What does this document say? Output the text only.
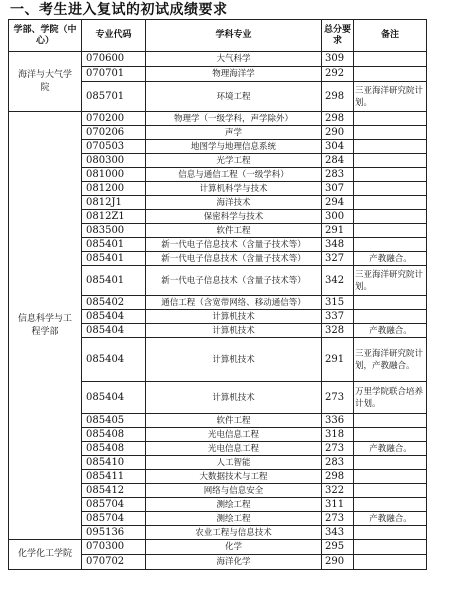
一、考生进入复试的初试成绩要求
学部、学院（中心）	专业代码	学科专业	总分要求	备注
海洋与大气学院	070600	大气科学	309	
	070701	物理海洋学	292	
	085701	环境工程	298	三亚海洋研究院计划。
信息科学与工程学部	070200	物理学（一级学科，声学除外）	298	
	070206	声学	290	
	070503	地图学与地理信息系统	304	
	080300	光学工程	284	
	081000	信息与通信工程（一级学科）	283	
	081200	计算机科学与技术	307	
	0812J1	海洋技术	294	
	0812Z1	保密科学与技术	300	
	083500	软件工程	291	
	085401	新一代电子信息技术（含量子技术等）	348	
	085401	新一代电子信息技术（含量子技术等）	327	产教融合。
	085401	新一代电子信息技术（含量子技术等）	342	三亚海洋研究院计划。
	085402	通信工程（含宽带网络、移动通信等）	315	
	085404	计算机技术	337	
	085404	计算机技术	328	产教融合。
	085404	计算机技术	291	三亚海洋研究院计划，产教融合。
	085404	计算机技术	273	万里学院联合培养计划。
	085405	软件工程	336	
	085408	光电信息工程	318	
	085408	光电信息工程	273	产教融合。
	085410	人工智能	283	
	085411	大数据技术与工程	298	
	085412	网络与信息安全	322	
	085704	测绘工程	311	
	085704	测绘工程	273	产教融合。
	095136	农业工程与信息技术	343	
化学化工学院	070300	化学	295	
	070702	海洋化学	290	
